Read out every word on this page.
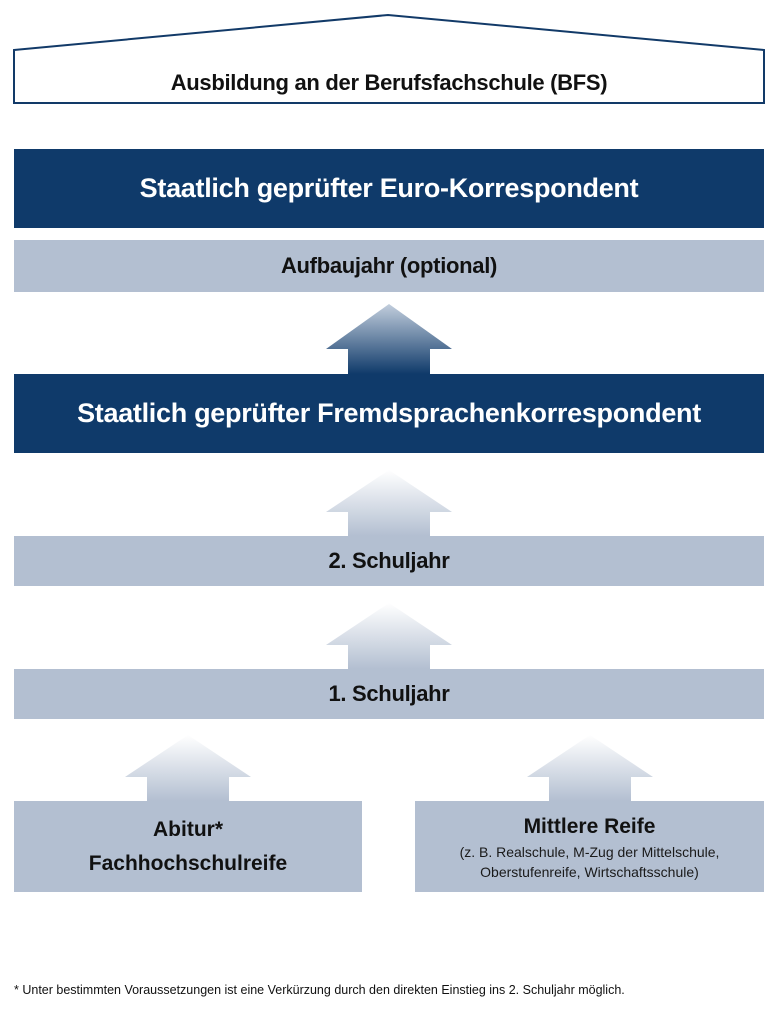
Ausbildung an der Berufsfachschule (BFS)
Staatlich geprüfter Euro-Korrespondent
Aufbaujahr (optional)
Staatlich geprüfter Fremdsprachenkorrespondent
2. Schuljahr
1. Schuljahr
Abitur*
Fachhochschulreife
Mittlere Reife
(z. B. Realschule, M-Zug der Mittelschule,
Oberstufenreife, Wirtschaftsschule)
* Unter bestimmten Voraussetzungen ist eine Verkürzung durch den direkten Einstieg ins 2. Schuljahr möglich.
